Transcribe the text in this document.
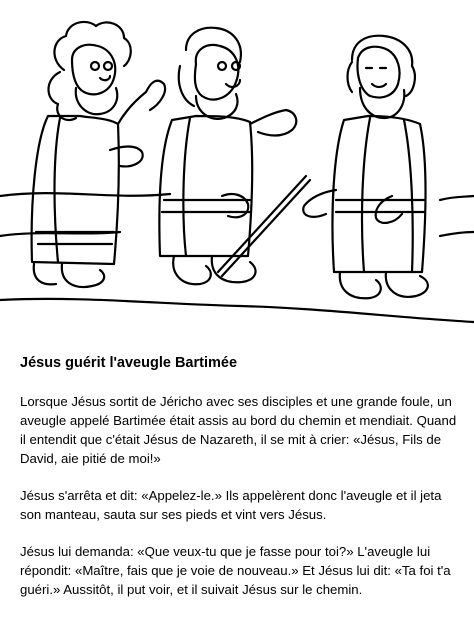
Jésus guérit l'aveugle Bartimée

Lorsque Jésus sortit de Jéricho avec ses disciples et une grande foule, un aveugle appelé Bartimée était assis au bord du chemin et mendiait. Quand il entendit que c'était Jésus de Nazareth, il se mit à crier: «Jésus, Fils de David, aie pitié de moi!»

Jésus s'arrêta et dit: «Appelez-le.» Ils appelèrent donc l'aveugle et il jeta son manteau, sauta sur ses pieds et vint vers Jésus.

Jésus lui demanda: «Que veux-tu que je fasse pour toi?» L'aveugle lui répondit: «Maître, fais que je voie de nouveau.» Et Jésus lui dit: «Ta foi t'a guéri.» Aussitôt, il put voir, et il suivait Jésus sur le chemin.
